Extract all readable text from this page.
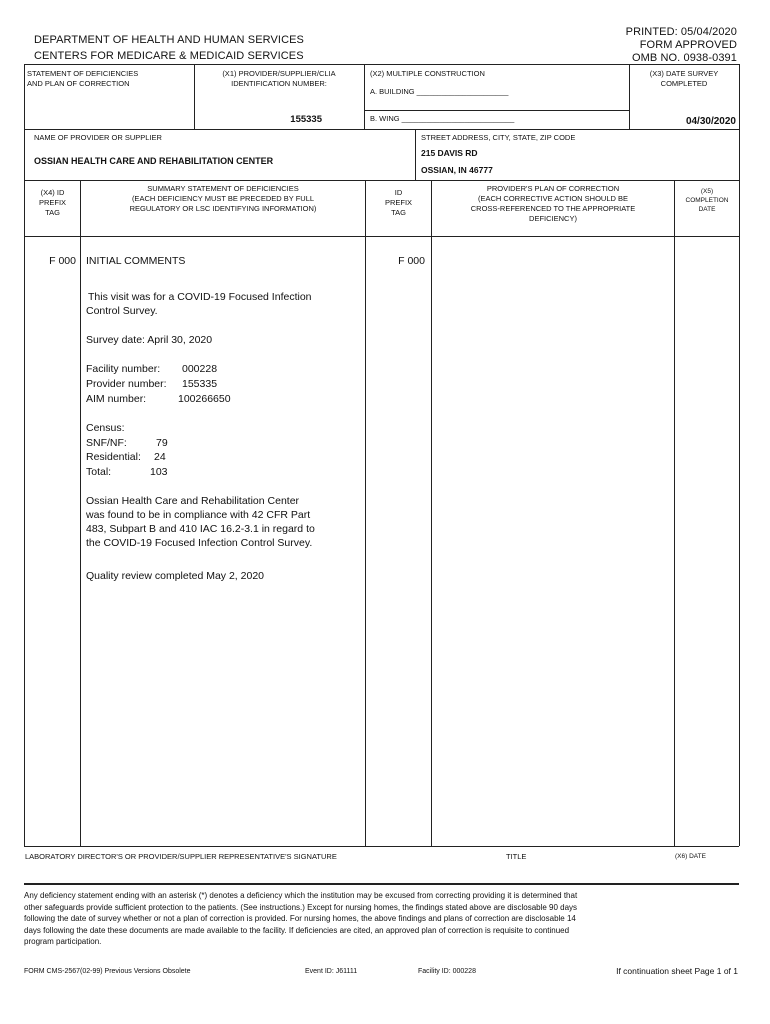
DEPARTMENT OF HEALTH AND HUMAN SERVICES
CENTERS FOR MEDICARE & MEDICAID SERVICES
PRINTED: 05/04/2020
FORM APPROVED
OMB NO. 0938-0391
STATEMENT OF DEFICIENCIES
AND PLAN OF CORRECTION
(X1) PROVIDER/SUPPLIER/CLIA
IDENTIFICATION NUMBER:
155335
(X2) MULTIPLE CONSTRUCTION
A. BUILDING ______________________
B. WING ___________________________
(X3) DATE SURVEY
COMPLETED
04/30/2020
NAME OF PROVIDER OR SUPPLIER
OSSIAN HEALTH CARE AND REHABILITATION CENTER
STREET ADDRESS, CITY, STATE, ZIP CODE
215 DAVIS RD
OSSIAN, IN 46777
(X4) ID
PREFIX
TAG
SUMMARY STATEMENT OF DEFICIENCIES
(EACH DEFICIENCY MUST BE PRECEDED BY FULL
REGULATORY OR LSC IDENTIFYING INFORMATION)
ID
PREFIX
TAG
PROVIDER'S PLAN OF CORRECTION
(EACH CORRECTIVE ACTION SHOULD BE
CROSS-REFERENCED TO THE APPROPRIATE
DEFICIENCY)
(X5)
COMPLETION
DATE
F 000 INITIAL COMMENTS	F 000
This visit was for a COVID-19 Focused Infection
Control Survey.
Survey date: April 30, 2020
Facility number: 000228
Provider number: 155335
AIM number:	100266650
Census:
SNF/NF:	79
Residential: 24
Total:	103
Ossian Health Care and Rehabilitation Center
was found to be in compliance with 42 CFR Part
483, Subpart B and 410 IAC 16.2-3.1 in regard to
the COVID-19 Focused Infection Control Survey.
Quality review completed May 2, 2020
LABORATORY DIRECTOR'S OR PROVIDER/SUPPLIER REPRESENTATIVE'S SIGNATURE	TITLE	(X6) DATE
Any deficiency statement ending with an asterisk (*) denotes a deficiency which the institution may be excused from correcting providing it is determined that
other safeguards provide sufficient protection to the patients. (See instructions.) Except for nursing homes, the findings stated above are disclosable 90 days
following the date of survey whether or not a plan of correction is provided. For nursing homes, the above findings and plans of correction are disclosable 14
days following the date these documents are made available to the facility. If deficiencies are cited, an approved plan of correction is requisite to continued
program participation.
FORM CMS-2567(02-99) Previous Versions Obsolete	Event ID: J61111	Facility ID: 000228	If continuation sheet Page 1 of 1
